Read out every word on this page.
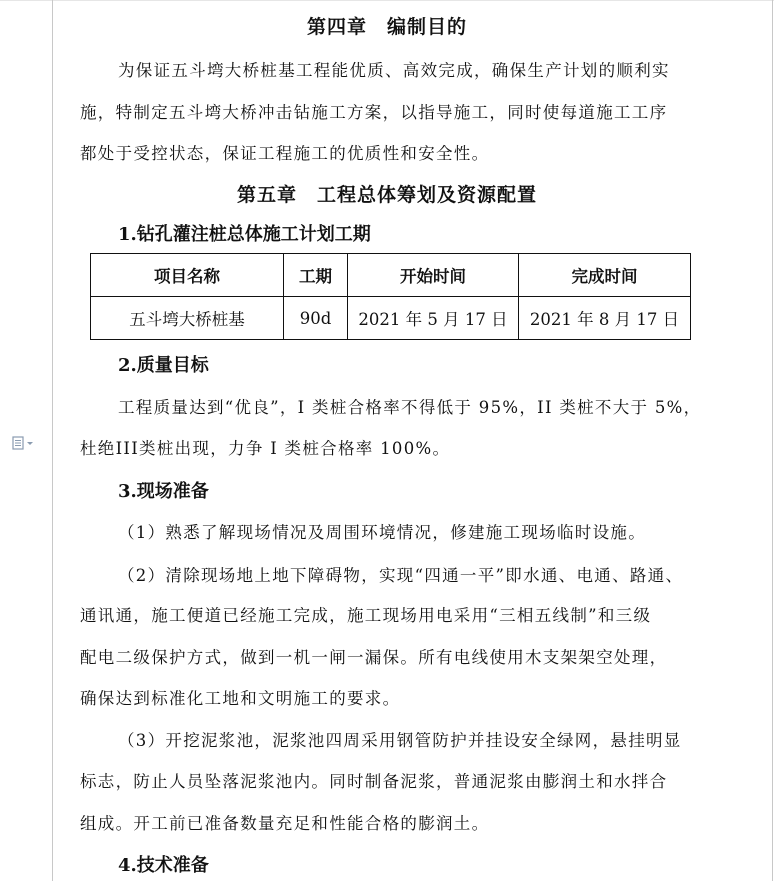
第四章　编制目的
为保证五斗塆大桥桩基工程能优质、高效完成，确保生产计划的顺利实
施，特制定五斗塆大桥冲击钻施工方案，以指导施工，同时使每道施工工序
都处于受控状态，保证工程施工的优质性和安全性。
第五章　工程总体筹划及资源配置
1.钻孔灌注桩总体施工计划工期
项目名称	工期	开始时间	完成时间
五斗塆大桥桩基	90d	2021 年 5 月 17 日	2021 年 8 月 17 日
2.质量目标
工程质量达到“优良”，I 类桩合格率不得低于 95%，II 类桩不大于 5%，
杜绝III类桩出现，力争 I 类桩合格率 100%。
3.现场准备
（1）熟悉了解现场情况及周围环境情况，修建施工现场临时设施。
（2）清除现场地上地下障碍物，实现“四通一平”即水通、电通、路通、
通讯通，施工便道已经施工完成，施工现场用电采用“三相五线制”和三级
配电二级保护方式，做到一机一闸一漏保。所有电线使用木支架架空处理，
确保达到标准化工地和文明施工的要求。
（3）开挖泥浆池，泥浆池四周采用钢管防护并挂设安全绿网，悬挂明显
标志，防止人员坠落泥浆池内。同时制备泥浆，普通泥浆由膨润土和水拌合
组成。开工前已准备数量充足和性能合格的膨润土。
4.技术准备
